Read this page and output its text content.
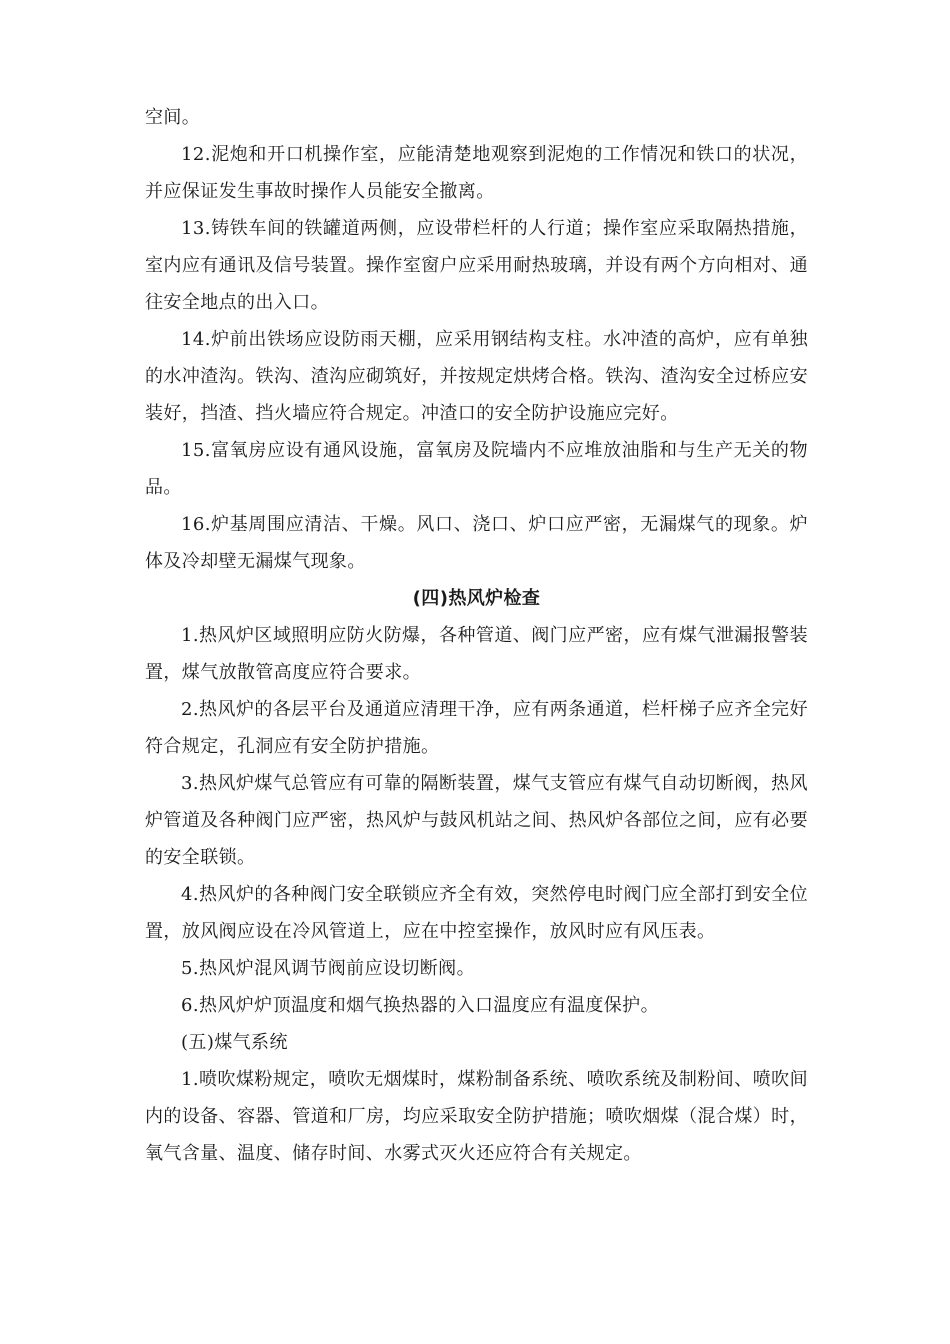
空间。

12.泥炮和开口机操作室，应能清楚地观察到泥炮的工作情况和铁口的状况，并应保证发生事故时操作人员能安全撤离。

13.铸铁车间的铁罐道两侧，应设带栏杆的人行道；操作室应采取隔热措施，室内应有通讯及信号装置。操作室窗户应采用耐热玻璃，并设有两个方向相对、通往安全地点的出入口。

14.炉前出铁场应设防雨天棚，应采用钢结构支柱。水冲渣的高炉，应有单独的水冲渣沟。铁沟、渣沟应砌筑好，并按规定烘烤合格。铁沟、渣沟安全过桥应安装好，挡渣、挡火墙应符合规定。冲渣口的安全防护设施应完好。

15.富氧房应设有通风设施，富氧房及院墙内不应堆放油脂和与生产无关的物品。

16.炉基周围应清洁、干燥。风口、浇口、炉口应严密，无漏煤气的现象。炉体及冷却壁无漏煤气现象。

(四)热风炉检查

1.热风炉区域照明应防火防爆，各种管道、阀门应严密，应有煤气泄漏报警装置，煤气放散管高度应符合要求。

2.热风炉的各层平台及通道应清理干净，应有两条通道，栏杆梯子应齐全完好符合规定，孔洞应有安全防护措施。

3.热风炉煤气总管应有可靠的隔断装置，煤气支管应有煤气自动切断阀，热风炉管道及各种阀门应严密，热风炉与鼓风机站之间、热风炉各部位之间，应有必要的安全联锁。

4.热风炉的各种阀门安全联锁应齐全有效，突然停电时阀门应全部打到安全位置，放风阀应设在冷风管道上，应在中控室操作，放风时应有风压表。

5.热风炉混风调节阀前应设切断阀。

6.热风炉炉顶温度和烟气换热器的入口温度应有温度保护。

(五)煤气系统

1.喷吹煤粉规定，喷吹无烟煤时，煤粉制备系统、喷吹系统及制粉间、喷吹间内的设备、容器、管道和厂房，均应采取安全防护措施；喷吹烟煤（混合煤）时，氧气含量、温度、储存时间、水雾式灭火还应符合有关规定。
